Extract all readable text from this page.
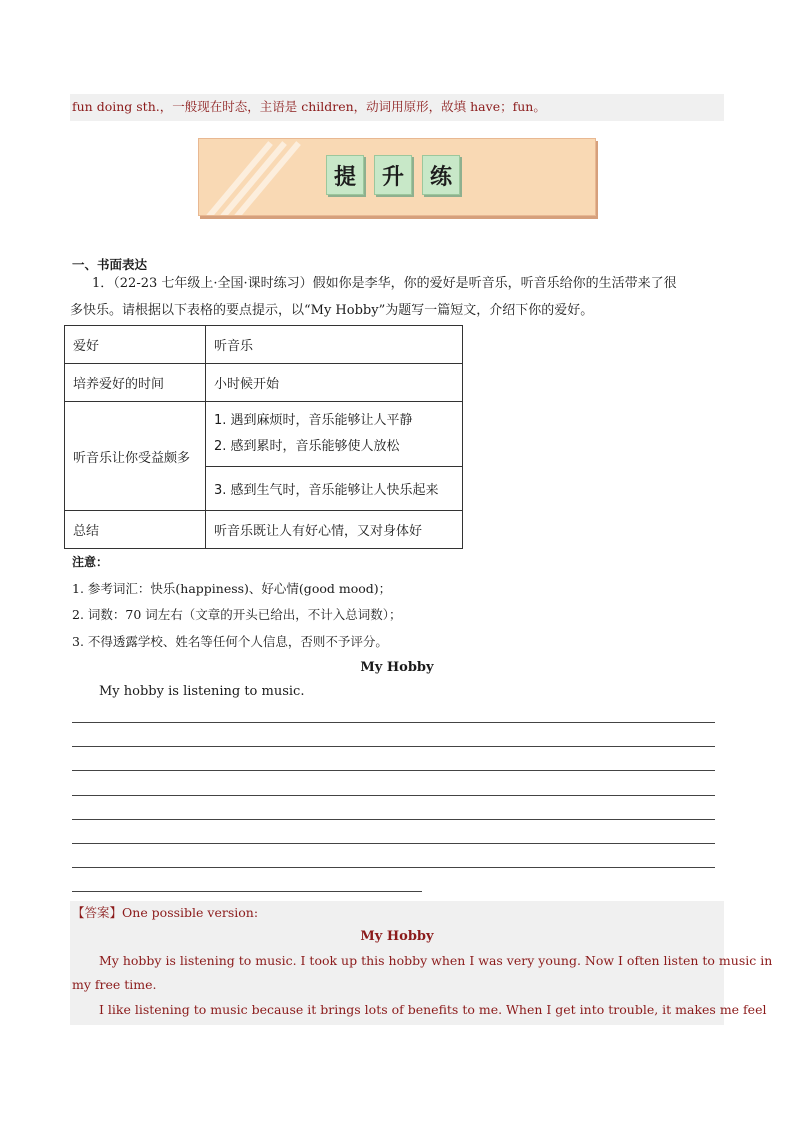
fun doing sth.，一般现在时态，主语是 children，动词用原形，故填 have；fun。
提	升	练
一、书面表达
1．（22-23 七年级上·全国·课时练习）假如你是李华，你的爱好是听音乐，听音乐给你的生活带来了很
多快乐。请根据以下表格的要点提示，以“My Hobby”为题写一篇短文，介绍下你的爱好。
爱好	听音乐
培养爱好的时间	小时候开始
听音乐让你受益颇多	1. 遇到麻烦时，音乐能够让人平静
2. 感到累时，音乐能够使人放松

	3. 感到生气时，音乐能够让人快乐起来
总结	听音乐既让人有好心情，又对身体好
注意：
1. 参考词汇：快乐(happiness)、好心情(good mood)；
2. 词数：70 词左右（文章的开头已给出，不计入总词数）；
3. 不得透露学校、姓名等任何个人信息，否则不予评分。
My Hobby
My hobby is listening to music.
【答案】One possible version:
My Hobby
My hobby is listening to music. I took up this hobby when I was very young. Now I often listen to music in
my free time.
I like listening to music because it brings lots of benefits to me. When I get into trouble, it makes me feel
